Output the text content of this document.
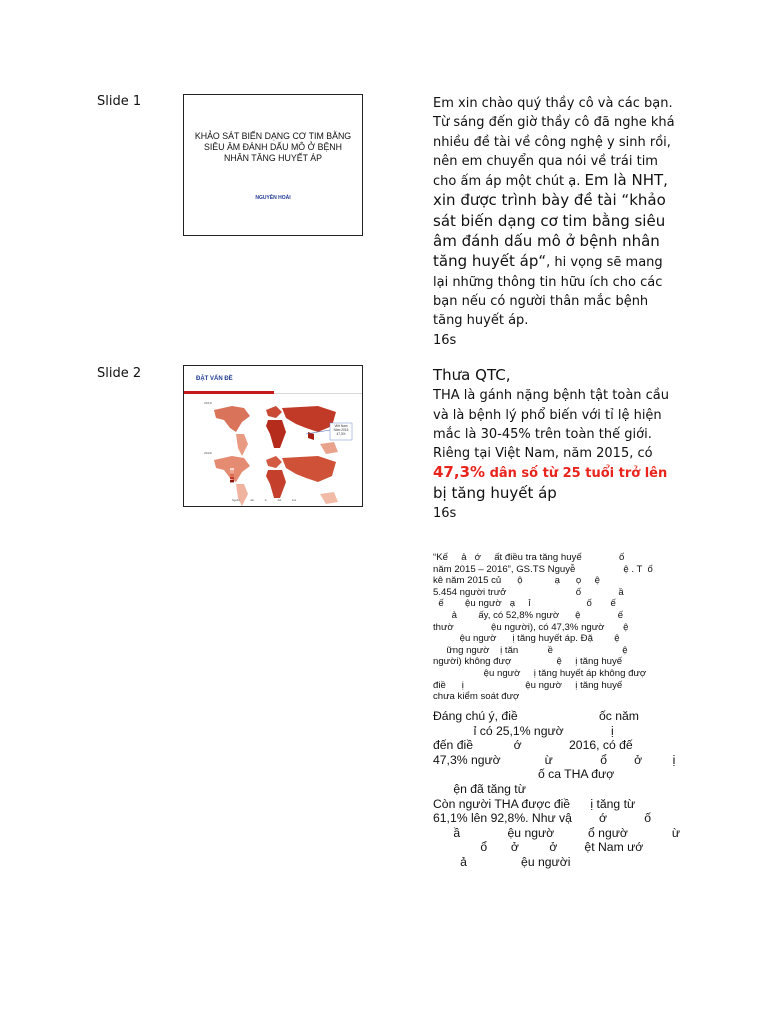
Slide 1
KHẢO SÁT BIẾN DẠNG CƠ TIM BẰNG SIÊU ÂM ĐÁNH DẤU MÔ Ở BỆNH NHÂN TĂNG HUYẾT ÁP
NGUYỄN HOÀI
Em xin chào quý thầy cô và các bạn. Từ sáng đến giờ thầy cô đã nghe khá nhiều đề tài về công nghệ y sinh rồi, nên em chuyển qua nói về trái tim cho ấm áp một chút ạ. Em là NHT, xin được trình bày đề tài “khảo sát biến dạng cơ tim bằng siêu âm đánh dấu mô ở bệnh nhân tăng huyết áp“, hi vọng sẽ mang lại những thông tin hữu ích cho các bạn nếu có người thân mắc bệnh tăng huyết áp.
16s
Slide 2	ĐẶT VẤN ĐỀ
2010
2020
Việt Nam Năm 2015 47,3%
Nguồn dat tu dat tuoi
Thưa QTC,
THA là gánh nặng bệnh tật toàn cầu và là bệnh lý phổ biến với tỉ lệ hiện mắc là 30-45% trên toàn thế giới. Riêng tại Việt Nam, năm 2015, có 47,3% dân số từ 25 tuổi trở lên bị tăng huyết áp
16s
“Kế     ả   ớ     ất điều tra tăng huyế              ố
năm 2015 – 2016”, GS.TS Nguyễ                  ệ . T  ố
kê năm 2015 củ      ộ            ạ      ọ     ệ
5.454 người trưở                          ố              ầ
ế        ệu ngườ   ạ     ỉ                     ố       ế
ả        ấy, có 52,8% ngườ      ệ              ế
thườ              ệu người), có 47,3% ngườ       ệ
ệu ngườ      ị tăng huyết áp. Đặ        ệ
ững ngườ    ị tăn           ề                          ệ
người) không đượ                 ệ     ị tăng huyế
ệu ngườ     ị tăng huyết áp không đượ
điề      ị                       ệu ngườ     ị tăng huyế
chưa kiểm soát đượ
Đáng chú ý, điề                        ốc năm
ỉ có 25,1% ngườ              ị
đến điề            ớ              2016, có đế
47,3% ngườ             ừ              ổ        ở         ị
ố ca THA đượ
ện đã tăng từ
Còn người THA được điề      ị tăng từ
61,1% lên 92,8%. Như vậ        ớ           ố
ầ              ệu ngườ          ổ ngườ             ừ
ổ       ở         ở        ệt Nam ướ
ả                ệu người
